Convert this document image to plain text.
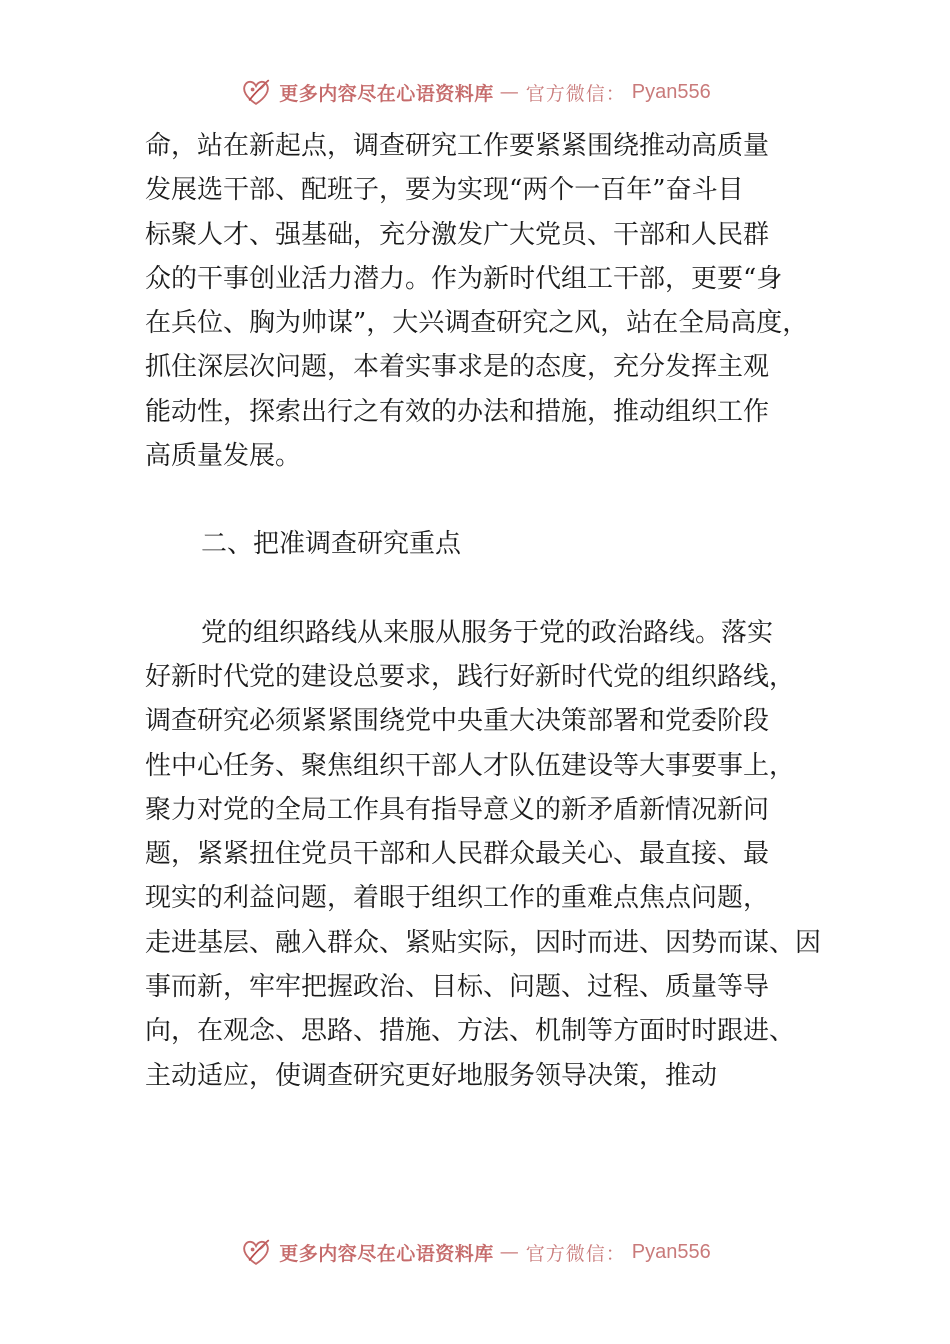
更多内容尽在心语资料库 — 官方微信： Pyan556

命，站在新起点，调查研究工作要紧紧围绕推动高质量
发展选干部、配班子，要为实现“两个一百年”奋斗目
标聚人才、强基础，充分激发广大党员、干部和人民群
众的干事创业活力潜力。作为新时代组工干部，更要“身
在兵位、胸为帅谋”，大兴调查研究之风，站在全局高度，
抓住深层次问题，本着实事求是的态度，充分发挥主观
能动性，探索出行之有效的办法和措施，推动组织工作
高质量发展。

二、把准调查研究重点

党的组织路线从来服从服务于党的政治路线。落实
好新时代党的建设总要求，践行好新时代党的组织路线，
调查研究必须紧紧围绕党中央重大决策部署和党委阶段
性中心任务、聚焦组织干部人才队伍建设等大事要事上，
聚力对党的全局工作具有指导意义的新矛盾新情况新问
题，紧紧扭住党员干部和人民群众最关心、最直接、最
现实的利益问题，着眼于组织工作的重难点焦点问题，
走进基层、融入群众、紧贴实际，因时而进、因势而谋、因
事而新，牢牢把握政治、目标、问题、过程、质量等导
向，在观念、思路、措施、方法、机制等方面时时跟进、
主动适应，使调查研究更好地服务领导决策，推动

更多内容尽在心语资料库 — 官方微信： Pyan556
